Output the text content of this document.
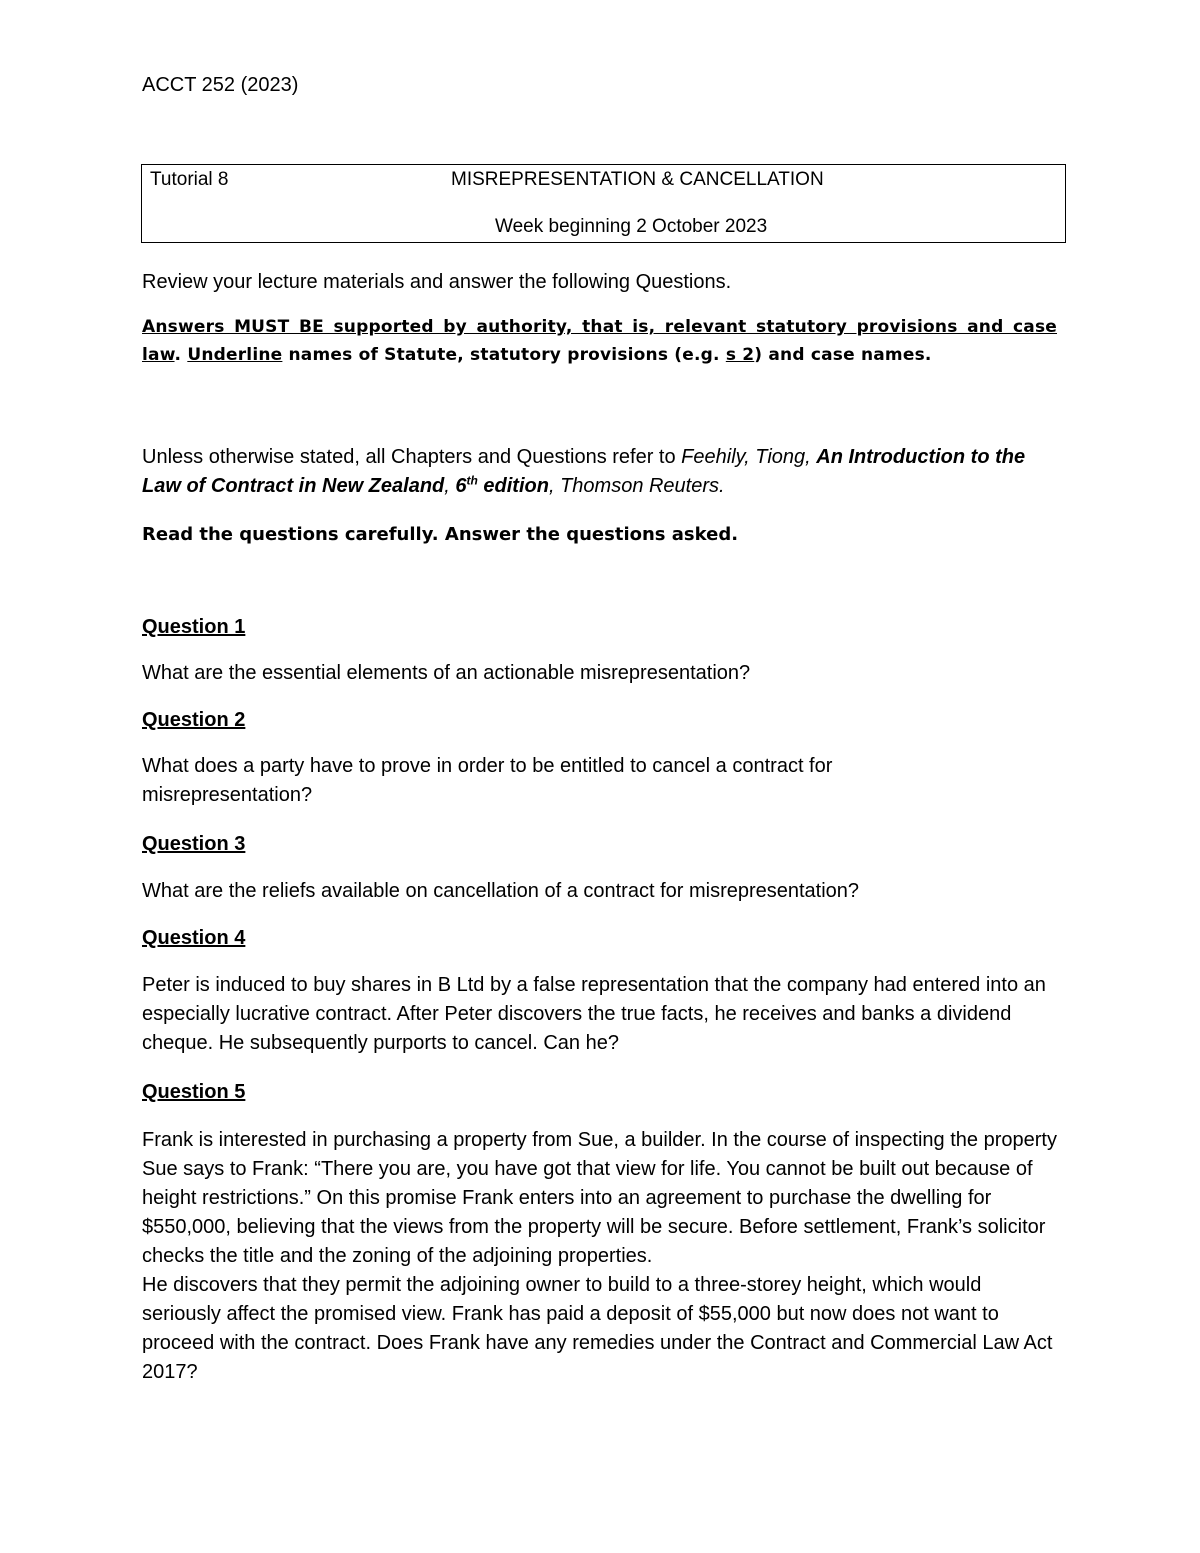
ACCT 252 (2023)
Tutorial 8	MISREPRESENTATION & CANCELLATION
Week beginning 2 October 2023
Review your lecture materials and answer the following Questions.
Answers MUST BE supported by authority, that is, relevant statutory provisions and case law. Underline names of Statute, statutory provisions (e.g. s 2) and case names.
Unless otherwise stated, all Chapters and Questions refer to Feehily, Tiong, An Introduction to the Law of Contract in New Zealand, 6th edition, Thomson Reuters.
Read the questions carefully. Answer the questions asked.
Question 1
What are the essential elements of an actionable misrepresentation?
Question 2
What does a party have to prove in order to be entitled to cancel a contract for misrepresentation?
Question 3
What are the reliefs available on cancellation of a contract for misrepresentation?
Question 4
Peter is induced to buy shares in B Ltd by a false representation that the company had entered into an especially lucrative contract. After Peter discovers the true facts, he receives and banks a dividend cheque. He subsequently purports to cancel. Can he?
Question 5
Frank is interested in purchasing a property from Sue, a builder. In the course of inspecting the property Sue says to Frank: “There you are, you have got that view for life. You cannot be built out because of height restrictions.” On this promise Frank enters into an agreement to purchase the dwelling for $550,000, believing that the views from the property will be secure. Before settlement, Frank’s solicitor checks the title and the zoning of the adjoining properties.
He discovers that they permit the adjoining owner to build to a three-storey height, which would seriously affect the promised view. Frank has paid a deposit of $55,000 but now does not want to proceed with the contract. Does Frank have any remedies under the Contract and Commercial Law Act 2017?
